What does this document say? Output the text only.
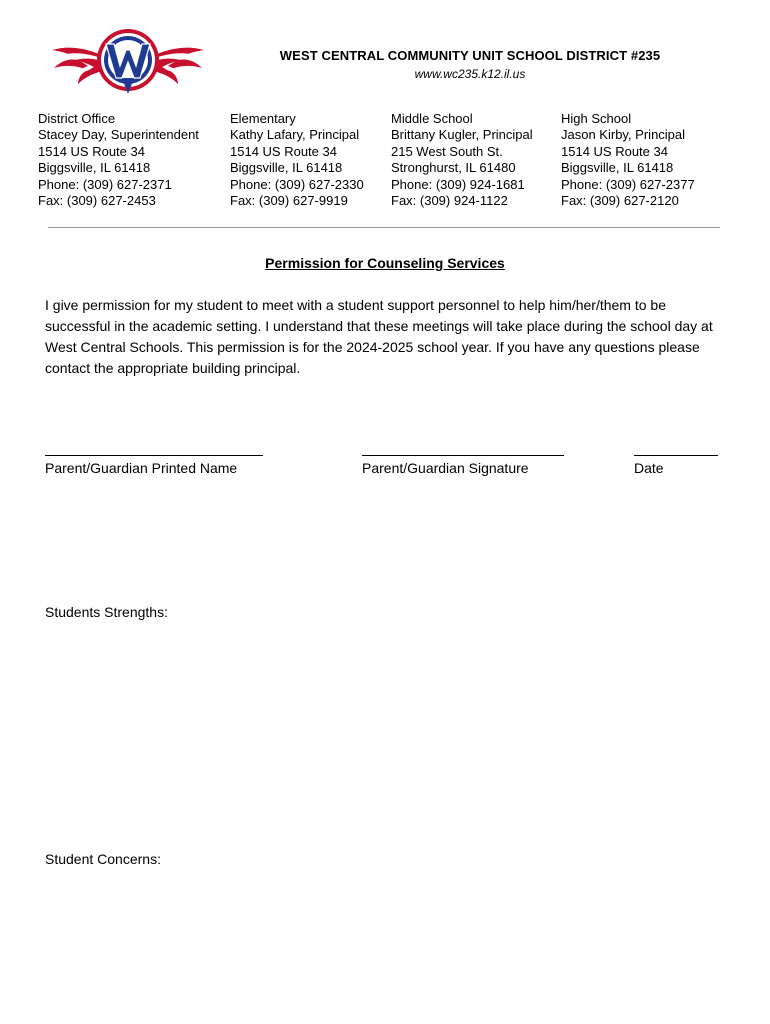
WEST CENTRAL COMMUNITY UNIT SCHOOL DISTRICT #235
www.wc235.k12.il.us
District Office
Stacey Day, Superintendent
1514 US Route 34
Biggsville, IL 61418
Phone: (309) 627-2371
Fax: (309) 627-2453
Elementary
Kathy Lafary, Principal
1514 US Route 34
Biggsville, IL 61418
Phone: (309) 627-2330
Fax: (309) 627-9919
Middle School
Brittany Kugler, Principal
215 West South St.
Stronghurst, IL 61480
Phone: (309) 924-1681
Fax: (309) 924-1122
High School
Jason Kirby, Principal
1514 US Route 34
Biggsville, IL 61418
Phone: (309) 627-2377
Fax: (309) 627-2120
Permission for Counseling Services
I give permission for my student to meet with a student support personnel to help him/her/them to be successful in the academic setting. I understand that these meetings will take place during the school day at West Central Schools. This permission is for the 2024-2025 school year. If you have any questions please contact the appropriate building principal.
Parent/Guardian Printed Name	Parent/Guardian Signature	Date
Students Strengths:
Student Concerns:
